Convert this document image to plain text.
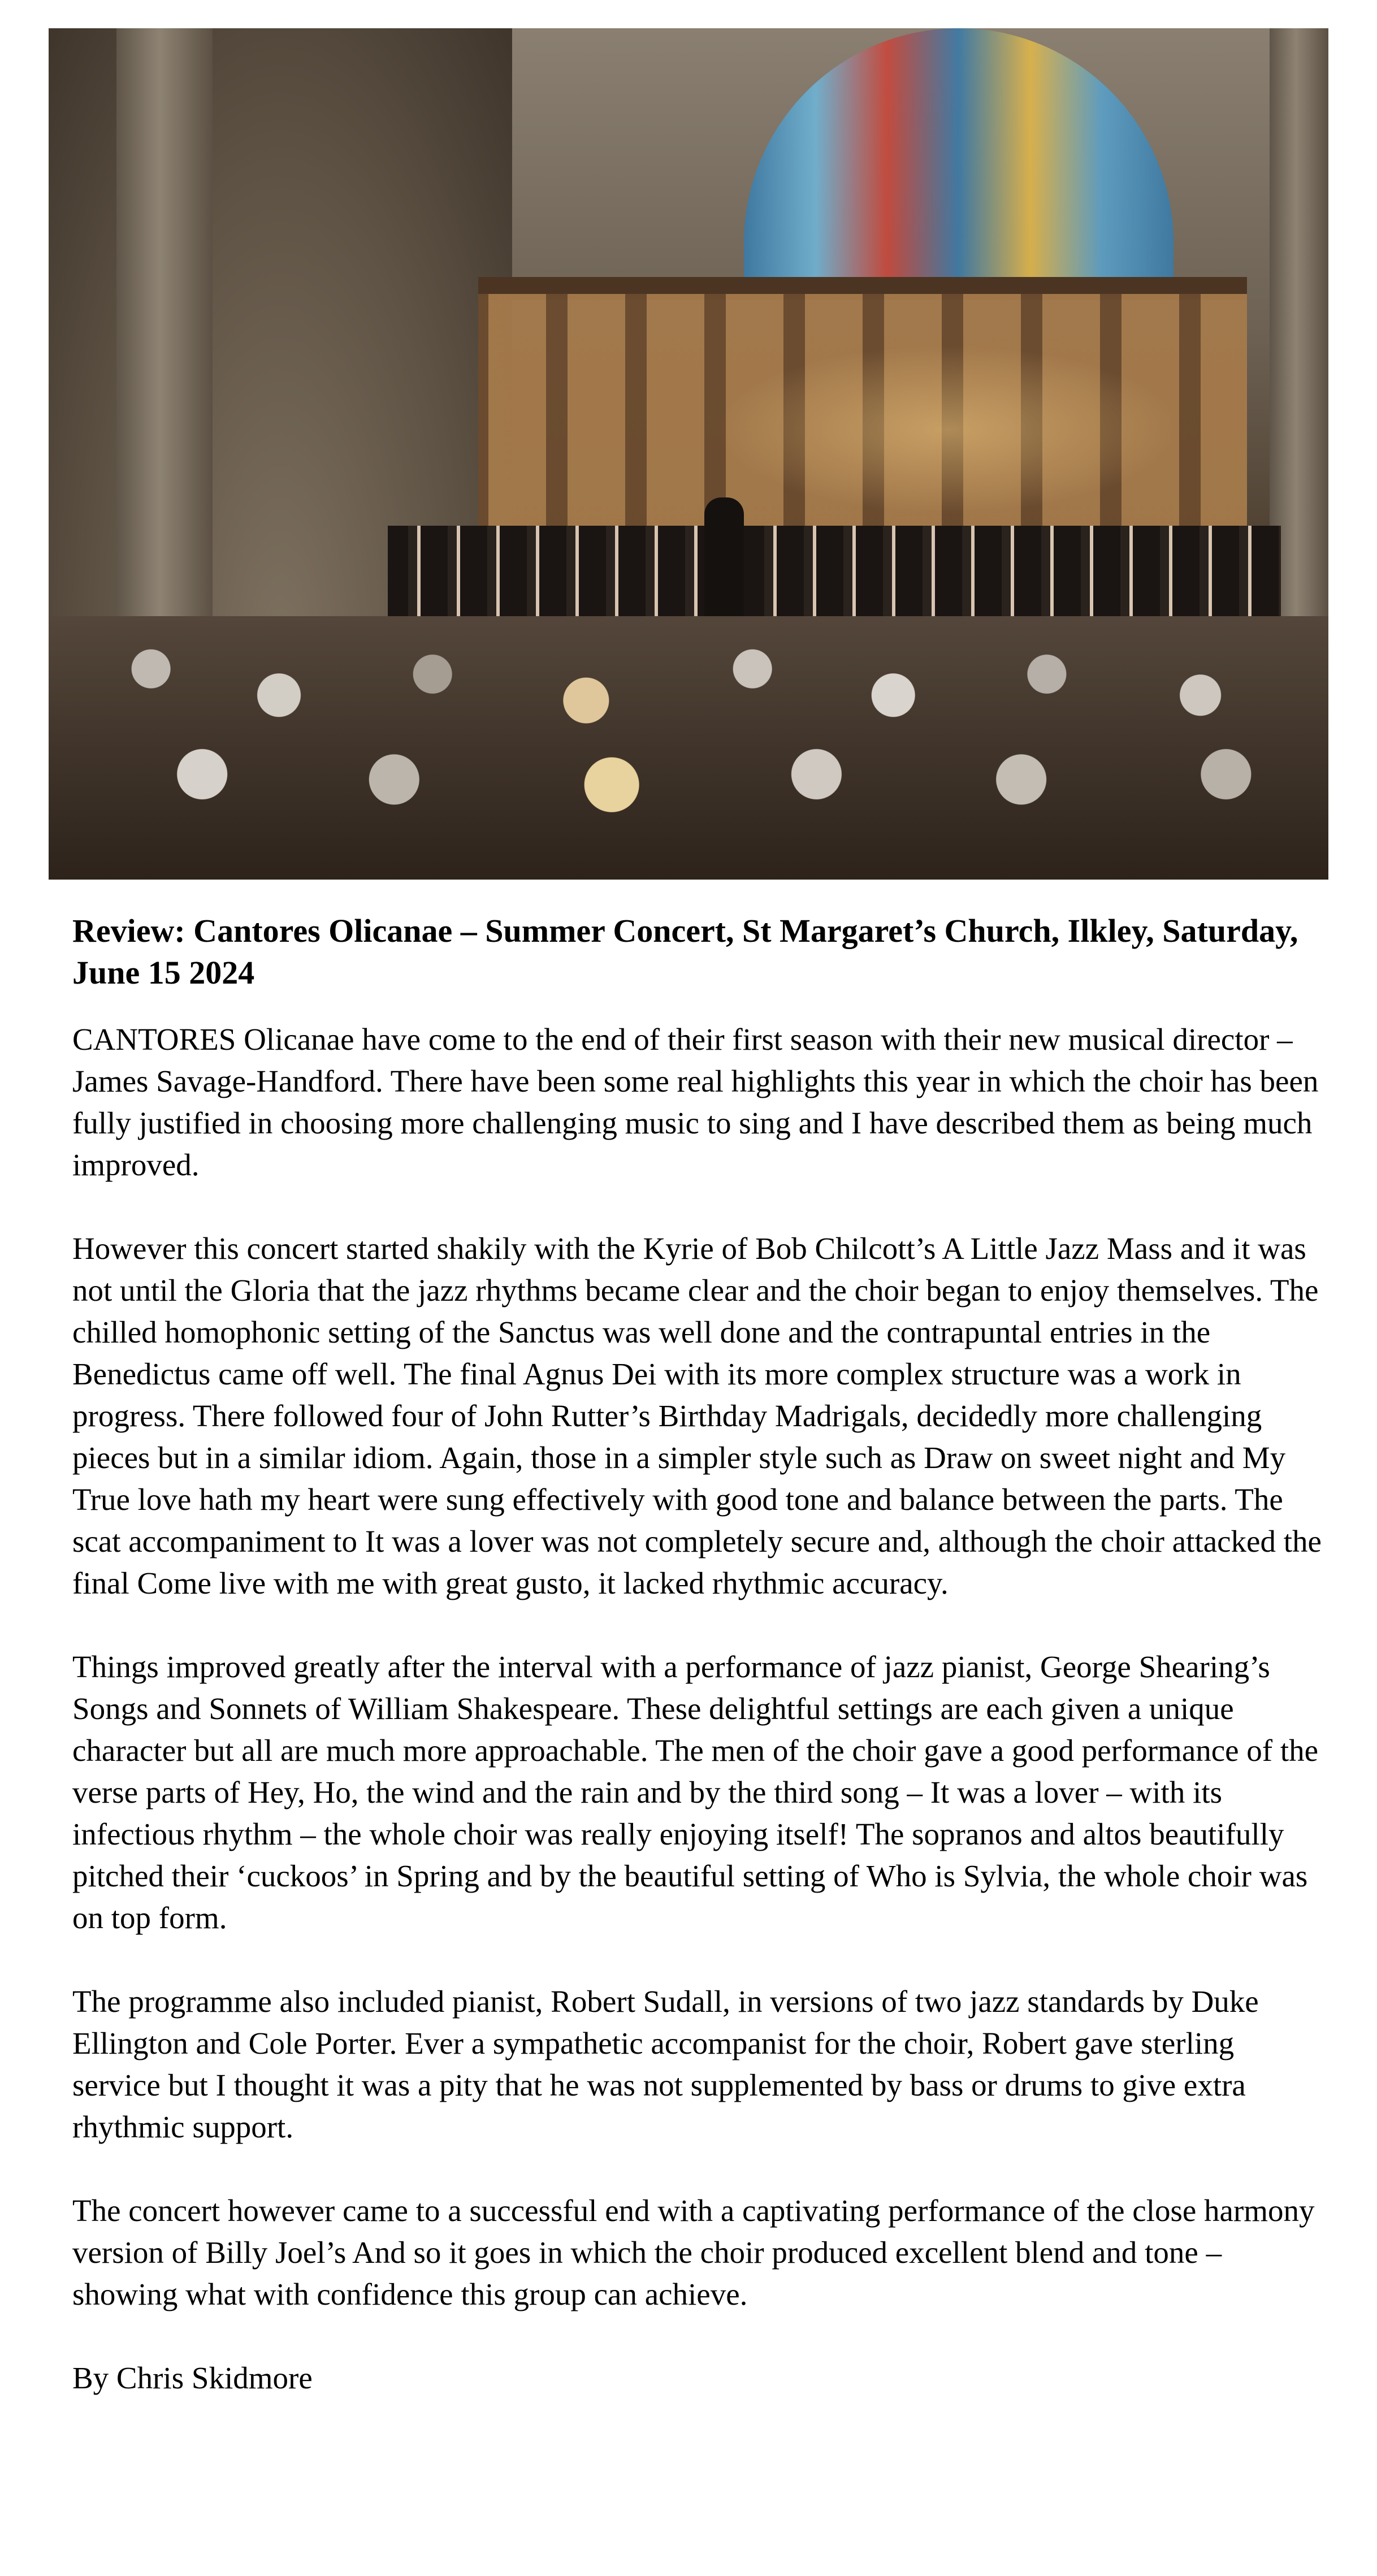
Review: Cantores Olicanae – Summer Concert, St Margaret’s Church, Ilkley, Saturday, June 15 2024

CANTORES Olicanae have come to the end of their first season with their new musical director – James Savage-Handford. There have been some real highlights this year in which the choir has been fully justified in choosing more challenging music to sing and I have described them as being much improved.

However this concert started shakily with the Kyrie of Bob Chilcott’s A Little Jazz Mass and it was not until the Gloria that the jazz rhythms became clear and the choir began to enjoy themselves. The chilled homophonic setting of the Sanctus was well done and the contrapuntal entries in the Benedictus came off well. The final Agnus Dei with its more complex structure was a work in progress. There followed four of John Rutter’s Birthday Madrigals, decidedly more challenging pieces but in a similar idiom. Again, those in a simpler style such as Draw on sweet night and My True love hath my heart were sung effectively with good tone and balance between the parts. The scat accompaniment to It was a lover was not completely secure and, although the choir attacked the final Come live with me with great gusto, it lacked rhythmic accuracy.

Things improved greatly after the interval with a performance of jazz pianist, George Shearing’s Songs and Sonnets of William Shakespeare. These delightful settings are each given a unique character but all are much more approachable. The men of the choir gave a good performance of the verse parts of Hey, Ho, the wind and the rain and by the third song – It was a lover – with its infectious rhythm – the whole choir was really enjoying itself! The sopranos and altos beautifully pitched their ‘cuckoos’ in Spring and by the beautiful setting of Who is Sylvia, the whole choir was on top form.

The programme also included pianist, Robert Sudall, in versions of two jazz standards by Duke Ellington and Cole Porter. Ever a sympathetic accompanist for the choir, Robert gave sterling service but I thought it was a pity that he was not supplemented by bass or drums to give extra rhythmic support.

The concert however came to a successful end with a captivating performance of the close harmony version of Billy Joel’s And so it goes in which the choir produced excellent blend and tone – showing what with confidence this group can achieve.

By Chris Skidmore
